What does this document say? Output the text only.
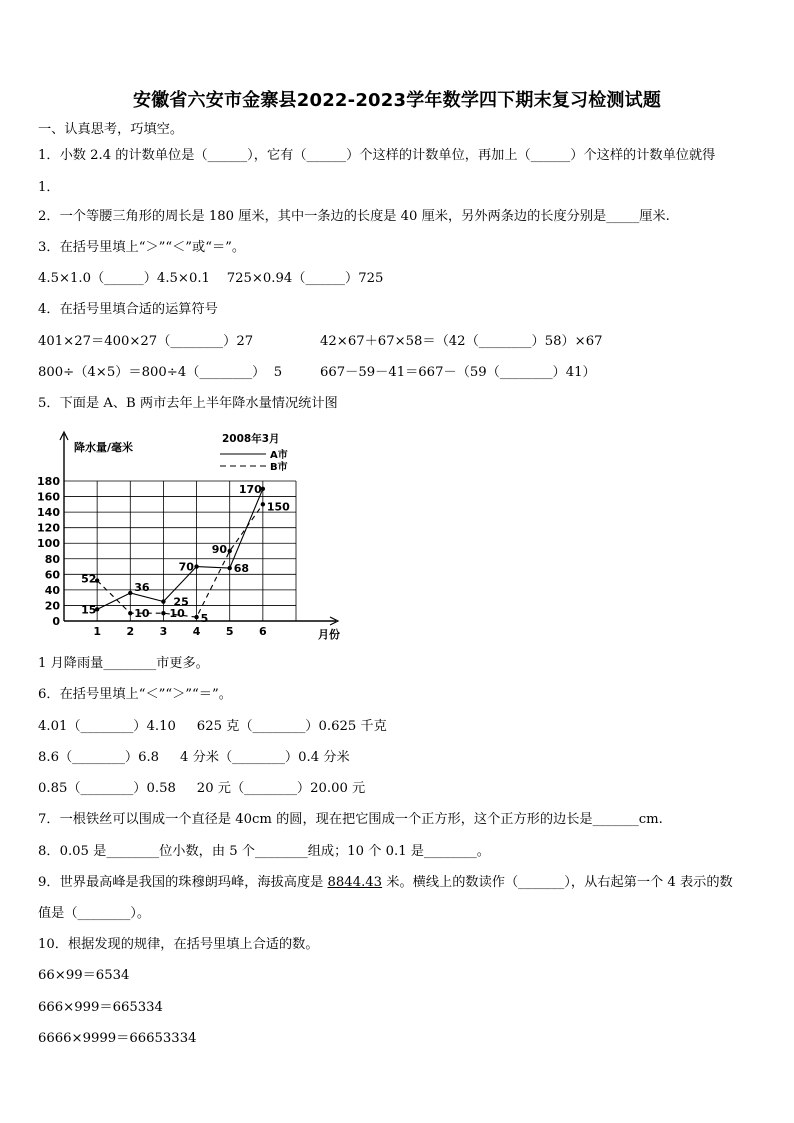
安徽省六安市金寨县2022-2023学年数学四下期末复习检测试题
一、认真思考，巧填空。
1．小数 2.4 的计数单位是（______），它有（______）个这样的计数单位，再加上（______）个这样的计数单位就得
1．
2．一个等腰三角形的周长是 180 厘米，其中一条边的长度是 40 厘米，另外两条边的长度分别是_____厘米.
3．在括号里填上“＞”“＜”或“＝”。
4.5×1.0（______）4.5×0.1    725×0.94（______）725
4．在括号里填合适的运算符号
401×27＝400×27（________）27	42×67＋67×58＝（42（________）58）×67
800÷（4×5）＝800÷4（________）  5	667－59－41＝667－（59（________）41）
5．下面是 A、B 两市去年上半年降水量情况统计图
0
20
40
60
80
100
120
140
160
180
1 2 3 4 5 6
降水量/毫米
月份
2008年3月
A市
B市
15
36
25
70	68
170
52
10 10 5
90
150
1 月降雨量________市更多。
6．在括号里填上“＜”“＞”“＝”。
4.01（________）4.10     625 克（________）0.625 千克
8.6（________）6.8     4 分米（________）0.4 分米
0.85（________）0.58     20 元（________）20.00 元
7．一根铁丝可以围成一个直径是 40cm 的圆，现在把它围成一个正方形，这个正方形的边长是_______cm.
8．0.05 是________位小数，由 5 个________组成；10 个 0.1 是________。
9．世界最高峰是我国的珠穆朗玛峰，海拔高度是 8844.43 米。横线上的数读作（_______），从右起第一个 4 表示的数
值是（________）。
10．根据发现的规律，在括号里填上合适的数。
66×99＝6534
666×999＝665334
6666×9999＝66653334
